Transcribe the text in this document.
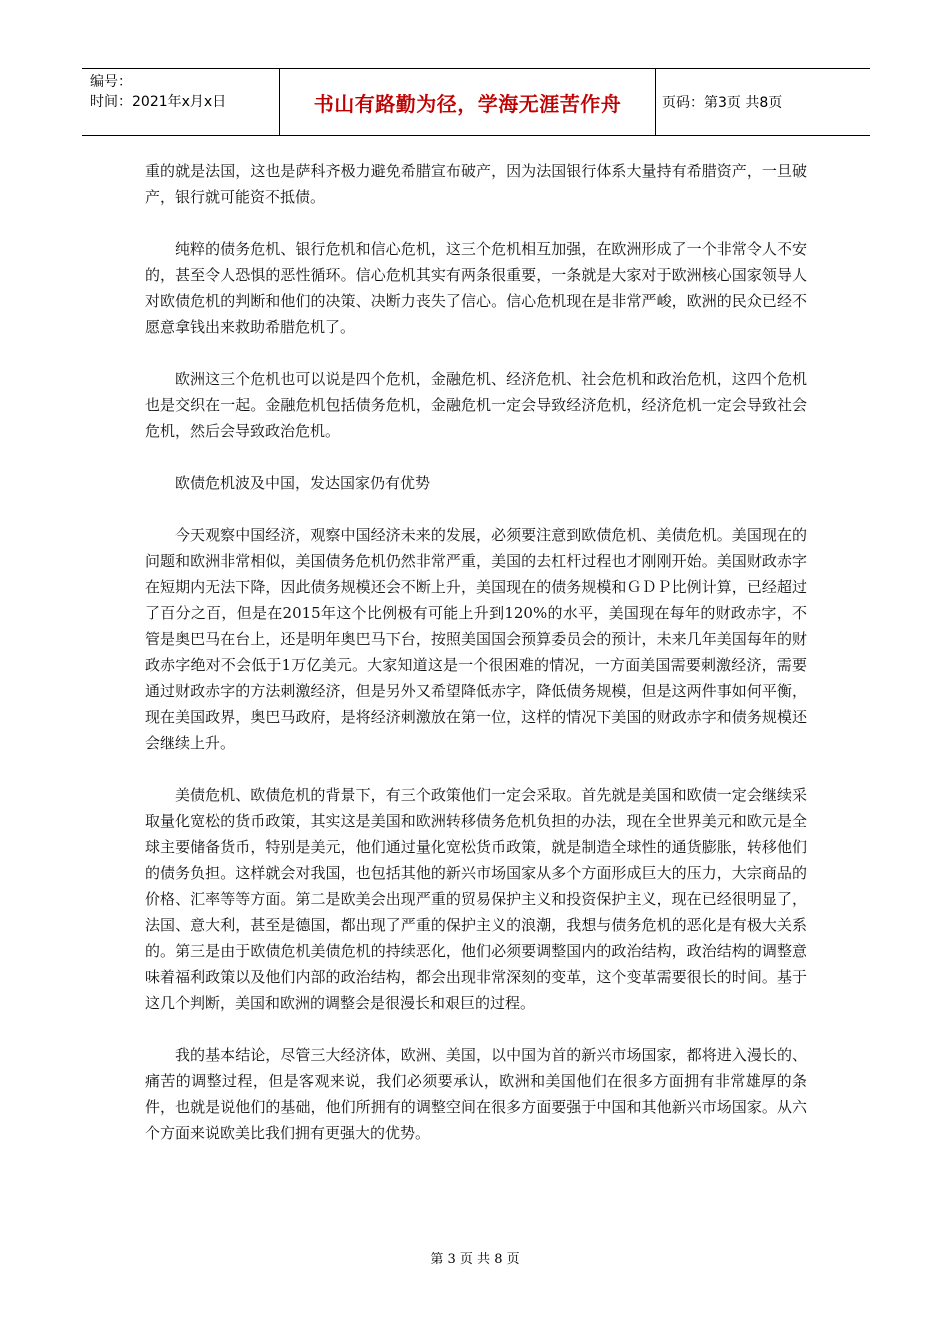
编号：
时间：2021年x月x日	书山有路勤为径，学海无涯苦作舟	页码：第3页 共8页

重的就是法国，这也是萨科齐极力避免希腊宣布破产，因为法国银行体系大量持有希腊资产，一旦破产，银行就可能资不抵债。

纯粹的债务危机、银行危机和信心危机，这三个危机相互加强，在欧洲形成了一个非常令人不安的，甚至令人恐惧的恶性循环。信心危机其实有两条很重要，一条就是大家对于欧洲核心国家领导人对欧债危机的判断和他们的决策、决断力丧失了信心。信心危机现在是非常严峻，欧洲的民众已经不愿意拿钱出来救助希腊危机了。

欧洲这三个危机也可以说是四个危机，金融危机、经济危机、社会危机和政治危机，这四个危机也是交织在一起。金融危机包括债务危机，金融危机一定会导致经济危机，经济危机一定会导致社会危机，然后会导致政治危机。

欧债危机波及中国，发达国家仍有优势

今天观察中国经济，观察中国经济未来的发展，必须要注意到欧债危机、美债危机。美国现在的问题和欧洲非常相似，美国债务危机仍然非常严重，美国的去杠杆过程也才刚刚开始。美国财政赤字在短期内无法下降，因此债务规模还会不断上升，美国现在的债务规模和ＧＤＰ比例计算，已经超过了百分之百，但是在2015年这个比例极有可能上升到120%的水平，美国现在每年的财政赤字，不管是奥巴马在台上，还是明年奥巴马下台，按照美国国会预算委员会的预计，未来几年美国每年的财政赤字绝对不会低于1万亿美元。大家知道这是一个很困难的情况，一方面美国需要刺激经济，需要通过财政赤字的方法刺激经济，但是另外又希望降低赤字，降低债务规模，但是这两件事如何平衡，现在美国政界，奥巴马政府，是将经济刺激放在第一位，这样的情况下美国的财政赤字和债务规模还会继续上升。

美债危机、欧债危机的背景下，有三个政策他们一定会采取。首先就是美国和欧债一定会继续采取量化宽松的货币政策，其实这是美国和欧洲转移债务危机负担的办法，现在全世界美元和欧元是全球主要储备货币，特别是美元，他们通过量化宽松货币政策，就是制造全球性的通货膨胀，转移他们的债务负担。这样就会对我国，也包括其他的新兴市场国家从多个方面形成巨大的压力，大宗商品的价格、汇率等等方面。第二是欧美会出现严重的贸易保护主义和投资保护主义，现在已经很明显了，法国、意大利，甚至是德国，都出现了严重的保护主义的浪潮，我想与债务危机的恶化是有极大关系的。第三是由于欧债危机美债危机的持续恶化，他们必须要调整国内的政治结构，政治结构的调整意味着福利政策以及他们内部的政治结构，都会出现非常深刻的变革，这个变革需要很长的时间。基于这几个判断，美国和欧洲的调整会是很漫长和艰巨的过程。

我的基本结论，尽管三大经济体，欧洲、美国，以中国为首的新兴市场国家，都将进入漫长的、痛苦的调整过程，但是客观来说，我们必须要承认，欧洲和美国他们在很多方面拥有非常雄厚的条件，也就是说他们的基础，他们所拥有的调整空间在很多方面要强于中国和其他新兴市场国家。从六个方面来说欧美比我们拥有更强大的优势。

第 3 页 共 8 页
